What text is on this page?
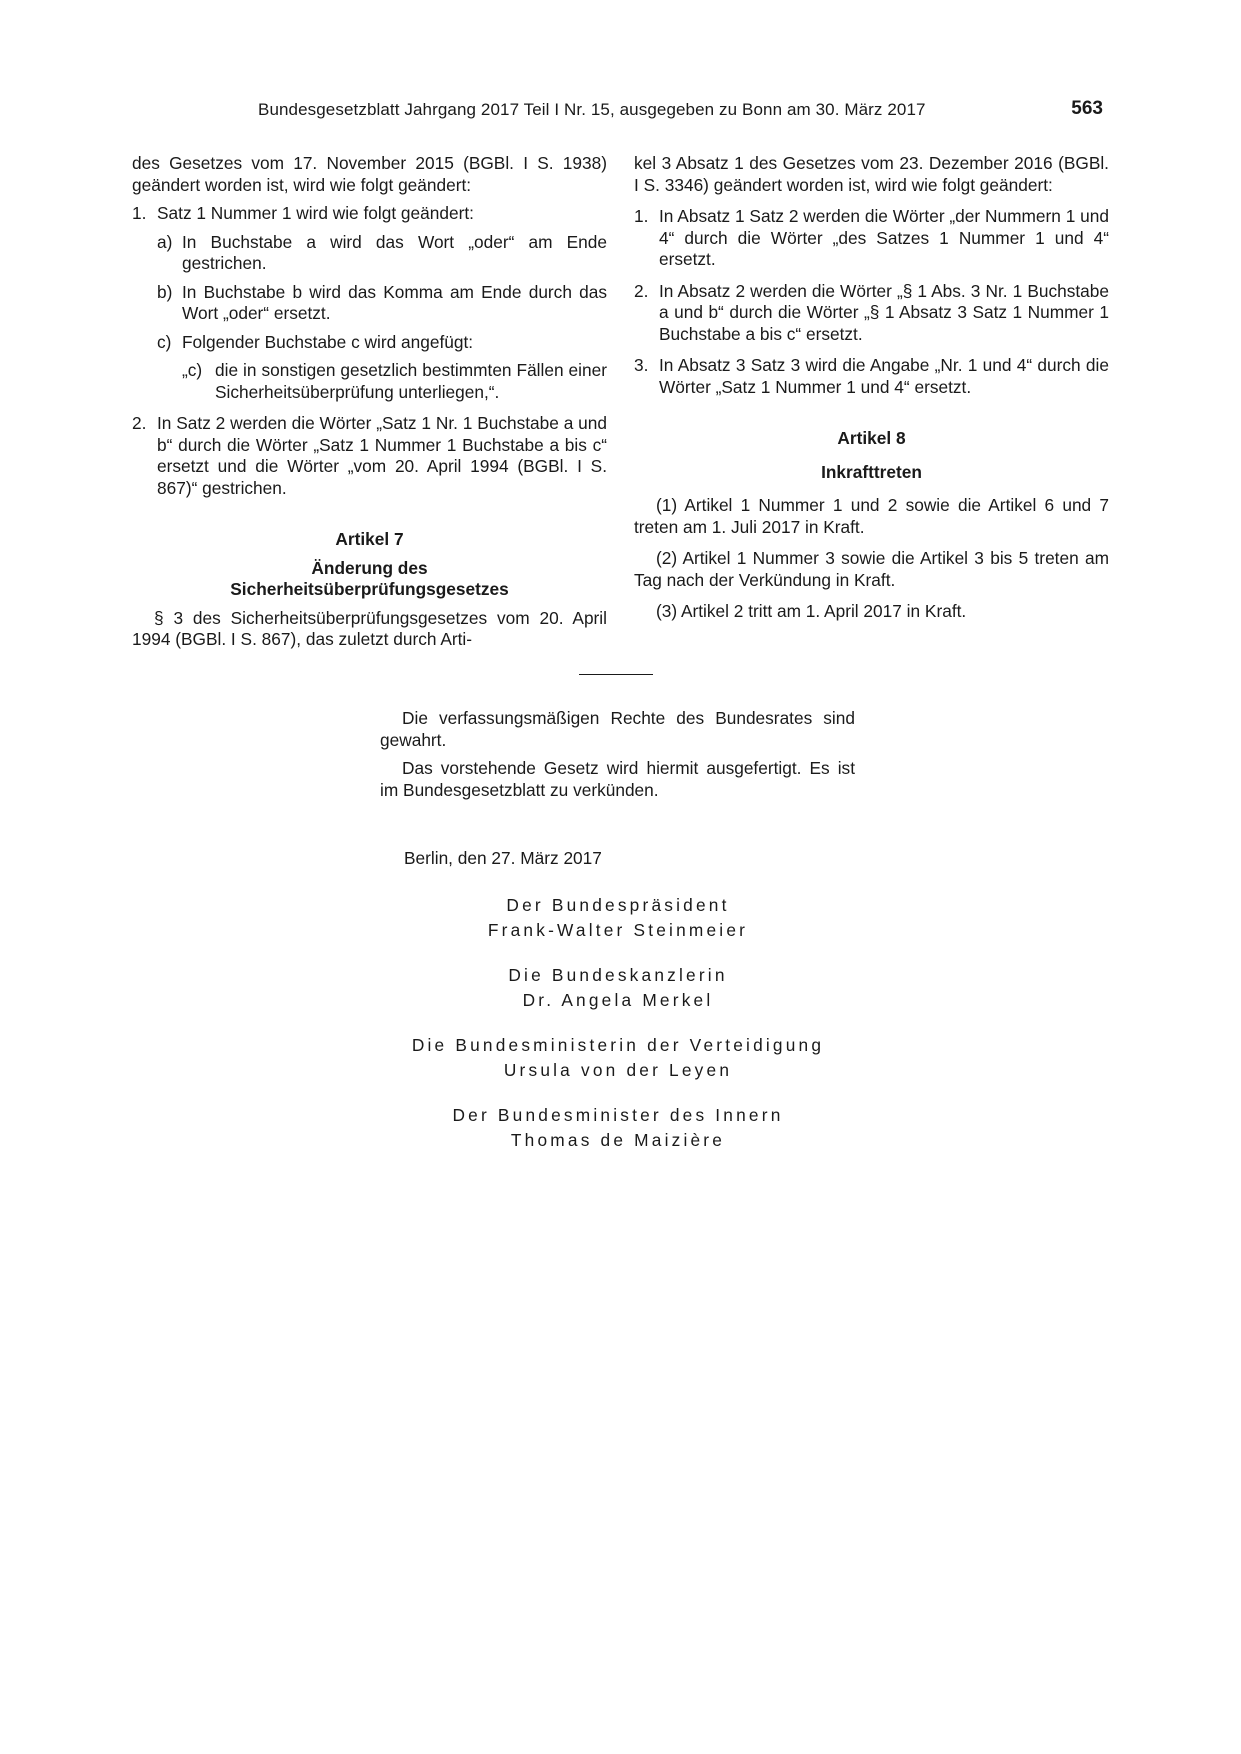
Bundesgesetzblatt Jahrgang 2017 Teil I Nr. 15, ausgegeben zu Bonn am 30. März 2017	563

des Gesetzes vom 17. November 2015 (BGBl. I S. 1938) geändert worden ist, wird wie folgt geändert:

1. Satz 1 Nummer 1 wird wie folgt geändert:
a) In Buchstabe a wird das Wort „oder“ am Ende gestrichen.
b) In Buchstabe b wird das Komma am Ende durch das Wort „oder“ ersetzt.
c) Folgender Buchstabe c wird angefügt:
„c) die in sonstigen gesetzlich bestimmten Fällen einer Sicherheitsüberprüfung unterliegen,“.
2. In Satz 2 werden die Wörter „Satz 1 Nr. 1 Buchstabe a und b“ durch die Wörter „Satz 1 Nummer 1 Buchstabe a bis c“ ersetzt und die Wörter „vom 20. April 1994 (BGBl. I S. 867)“ gestrichen.

Artikel 7

Änderung des

Sicherheitsüberprüfungsgesetzes

§ 3 des Sicherheitsüberprüfungsgesetzes vom 20. April 1994 (BGBl. I S. 867), das zuletzt durch Arti-

kel 3 Absatz 1 des Gesetzes vom 23. Dezember 2016 (BGBl. I S. 3346) geändert worden ist, wird wie folgt geändert:

1. In Absatz 1 Satz 2 werden die Wörter „der Nummern 1 und 4“ durch die Wörter „des Satzes 1 Nummer 1 und 4“ ersetzt.
2. In Absatz 2 werden die Wörter „§ 1 Abs. 3 Nr. 1 Buchstabe a und b“ durch die Wörter „§ 1 Absatz 3 Satz 1 Nummer 1 Buchstabe a bis c“ ersetzt.
3. In Absatz 3 Satz 3 wird die Angabe „Nr. 1 und 4“ durch die Wörter „Satz 1 Nummer 1 und 4“ ersetzt.

Artikel 8

Inkrafttreten

(1) Artikel 1 Nummer 1 und 2 sowie die Artikel 6 und 7 treten am 1. Juli 2017 in Kraft.

(2) Artikel 1 Nummer 3 sowie die Artikel 3 bis 5 treten am Tag nach der Verkündung in Kraft.

(3) Artikel 2 tritt am 1. April 2017 in Kraft.

Die verfassungsmäßigen Rechte des Bundesrates sind gewahrt.

Das vorstehende Gesetz wird hiermit ausgefertigt. Es ist im Bundesgesetzblatt zu verkünden.

Berlin, den 27. März 2017
Der Bundespräsident
Frank-Walter Steinmeier
Die Bundeskanzlerin
Dr. Angela Merkel
Die Bundesministerin der Verteidigung
Ursula von der Leyen
Der Bundesminister des Innern
Thomas de Maizière
